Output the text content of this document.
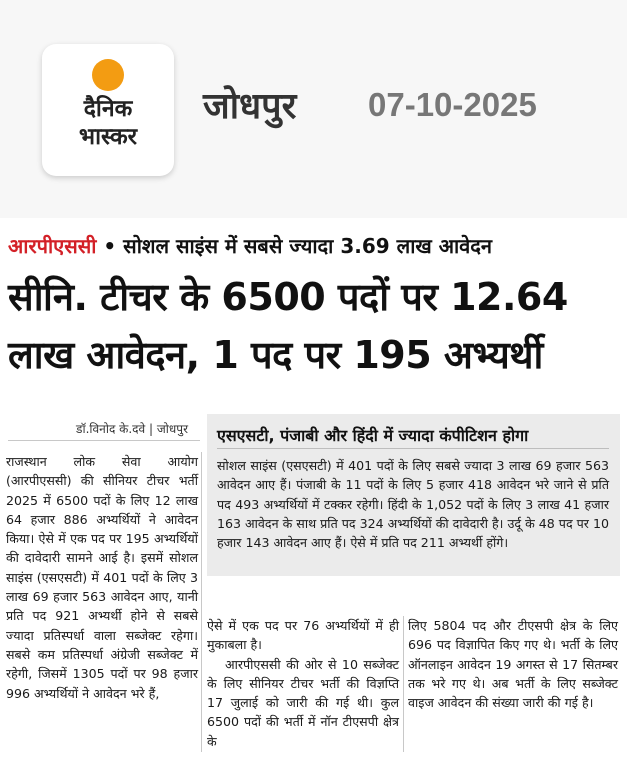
दैनिक
भास्कर
जोधपुर 07-10-2025
आरपीएससी • सोशल साइंस में सबसे ज्यादा 3.69 लाख आवेदन
सीनि. टीचर के 6500 पदों पर 12.64
लाख आवेदन, 1 पद पर 195 अभ्यर्थी
डॉ.विनोद के.दवे | जोधपुर

राजस्थान लोक सेवा आयोग (आरपीएससी) की सीनियर टीचर भर्ती 2025 में 6500 पदों के लिए 12 लाख 64 हजार 886 अभ्यर्थियों ने आवेदन किया। ऐसे में एक पद पर 195 अभ्यर्थियों की दावेदारी सामने आई है। इसमें सोशल साइंस (एसएसटी) में 401 पदों के लिए 3 लाख 69 हजार 563 आवेदन आए, यानी प्रति पद 921 अभ्यर्थी होने से सबसे ज्यादा प्रतिस्पर्धा वाला सब्जेक्ट रहेगा। सबसे कम प्रतिस्पर्धा अंग्रेजी सब्जेक्ट में रहेगी, जिसमें 1305 पदों पर 98 हजार 996 अभ्यर्थियों ने आवेदन भरे हैं,

एसएसटी, पंजाबी और हिंदी में ज्यादा कंपीटिशन होगा
सोशल साइंस (एसएसटी) में 401 पदों के लिए सबसे ज्यादा 3 लाख 69 हजार 563 आवेदन आए हैं। पंजाबी के 11 पदों के लिए 5 हजार 418 आवेदन भरे जाने से प्रति पद 493 अभ्यर्थियों में टक्कर रहेगी। हिंदी के 1,052 पदों के लिए 3 लाख 41 हजार 163 आवेदन के साथ प्रति पद 324 अभ्यर्थियों की दावेदारी है। उर्दू के 48 पद पर 10 हजार 143 आवेदन आए हैं। ऐसे में प्रति पद 211 अभ्यर्थी होंगे।

ऐसे में एक पद पर 76 अभ्यर्थियों में ही मुकाबला है।

आरपीएससी की ओर से 10 सब्जेक्ट के लिए सीनियर टीचर भर्ती की विज्ञप्ति 17 जुलाई को जारी की गई थी। कुल 6500 पदों की भर्ती में नॉन टीएसपी क्षेत्र के

लिए 5804 पद और टीएसपी क्षेत्र के लिए 696 पद विज्ञापित किए गए थे। भर्ती के लिए ऑनलाइन आवेदन 19 अगस्त से 17 सितम्बर तक भरे गए थे। अब भर्ती के लिए सब्जेक्ट वाइज आवेदन की संख्या जारी की गई है।
